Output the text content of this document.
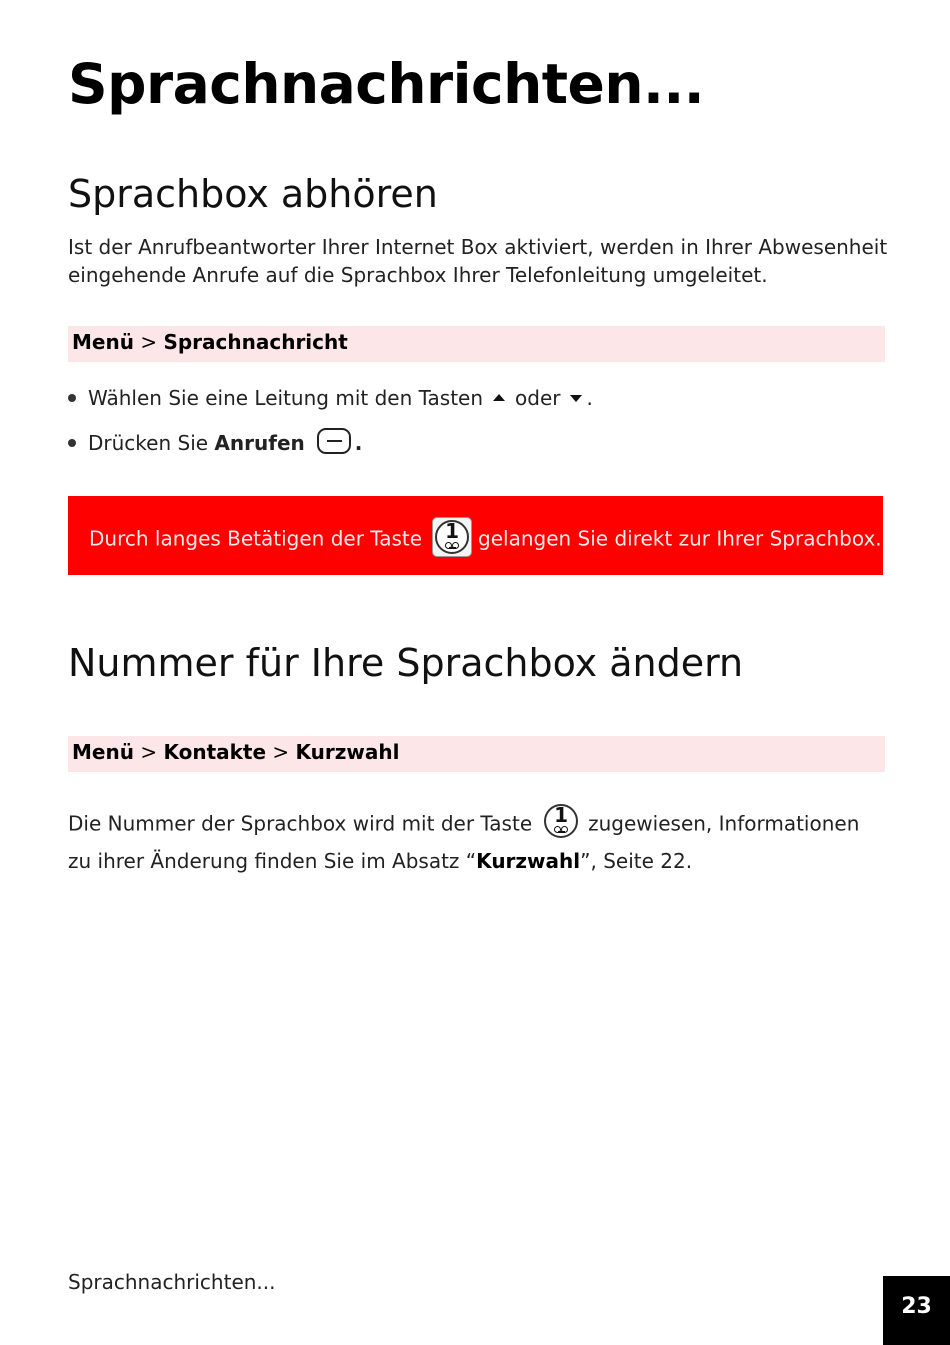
Sprachnachrichten...
Sprachbox abhören

Ist der Anrufbeantworter Ihrer Internet Box aktiviert, werden in Ihrer Abwesenheit eingehende Anrufe auf die Sprachbox Ihrer Telefonleitung umgeleitet.

Menü > Sprachnachricht
Wählen Sie eine Leitung mit den Tasten oder .
Drücken Sie Anrufen	.
Durch langes Betätigen der Taste	1 gelangen Sie direkt zur Ihrer Sprachbox.
Nummer für Ihre Sprachbox ändern
Menü > Kontakte > Kurzwahl

Die Nummer der Sprachbox wird mit der Taste	1	zugewiesen, Informationen zu ihrer Änderung finden Sie im Absatz “Kurzwahl”, Seite 22.

Sprachnachrichten...
23
